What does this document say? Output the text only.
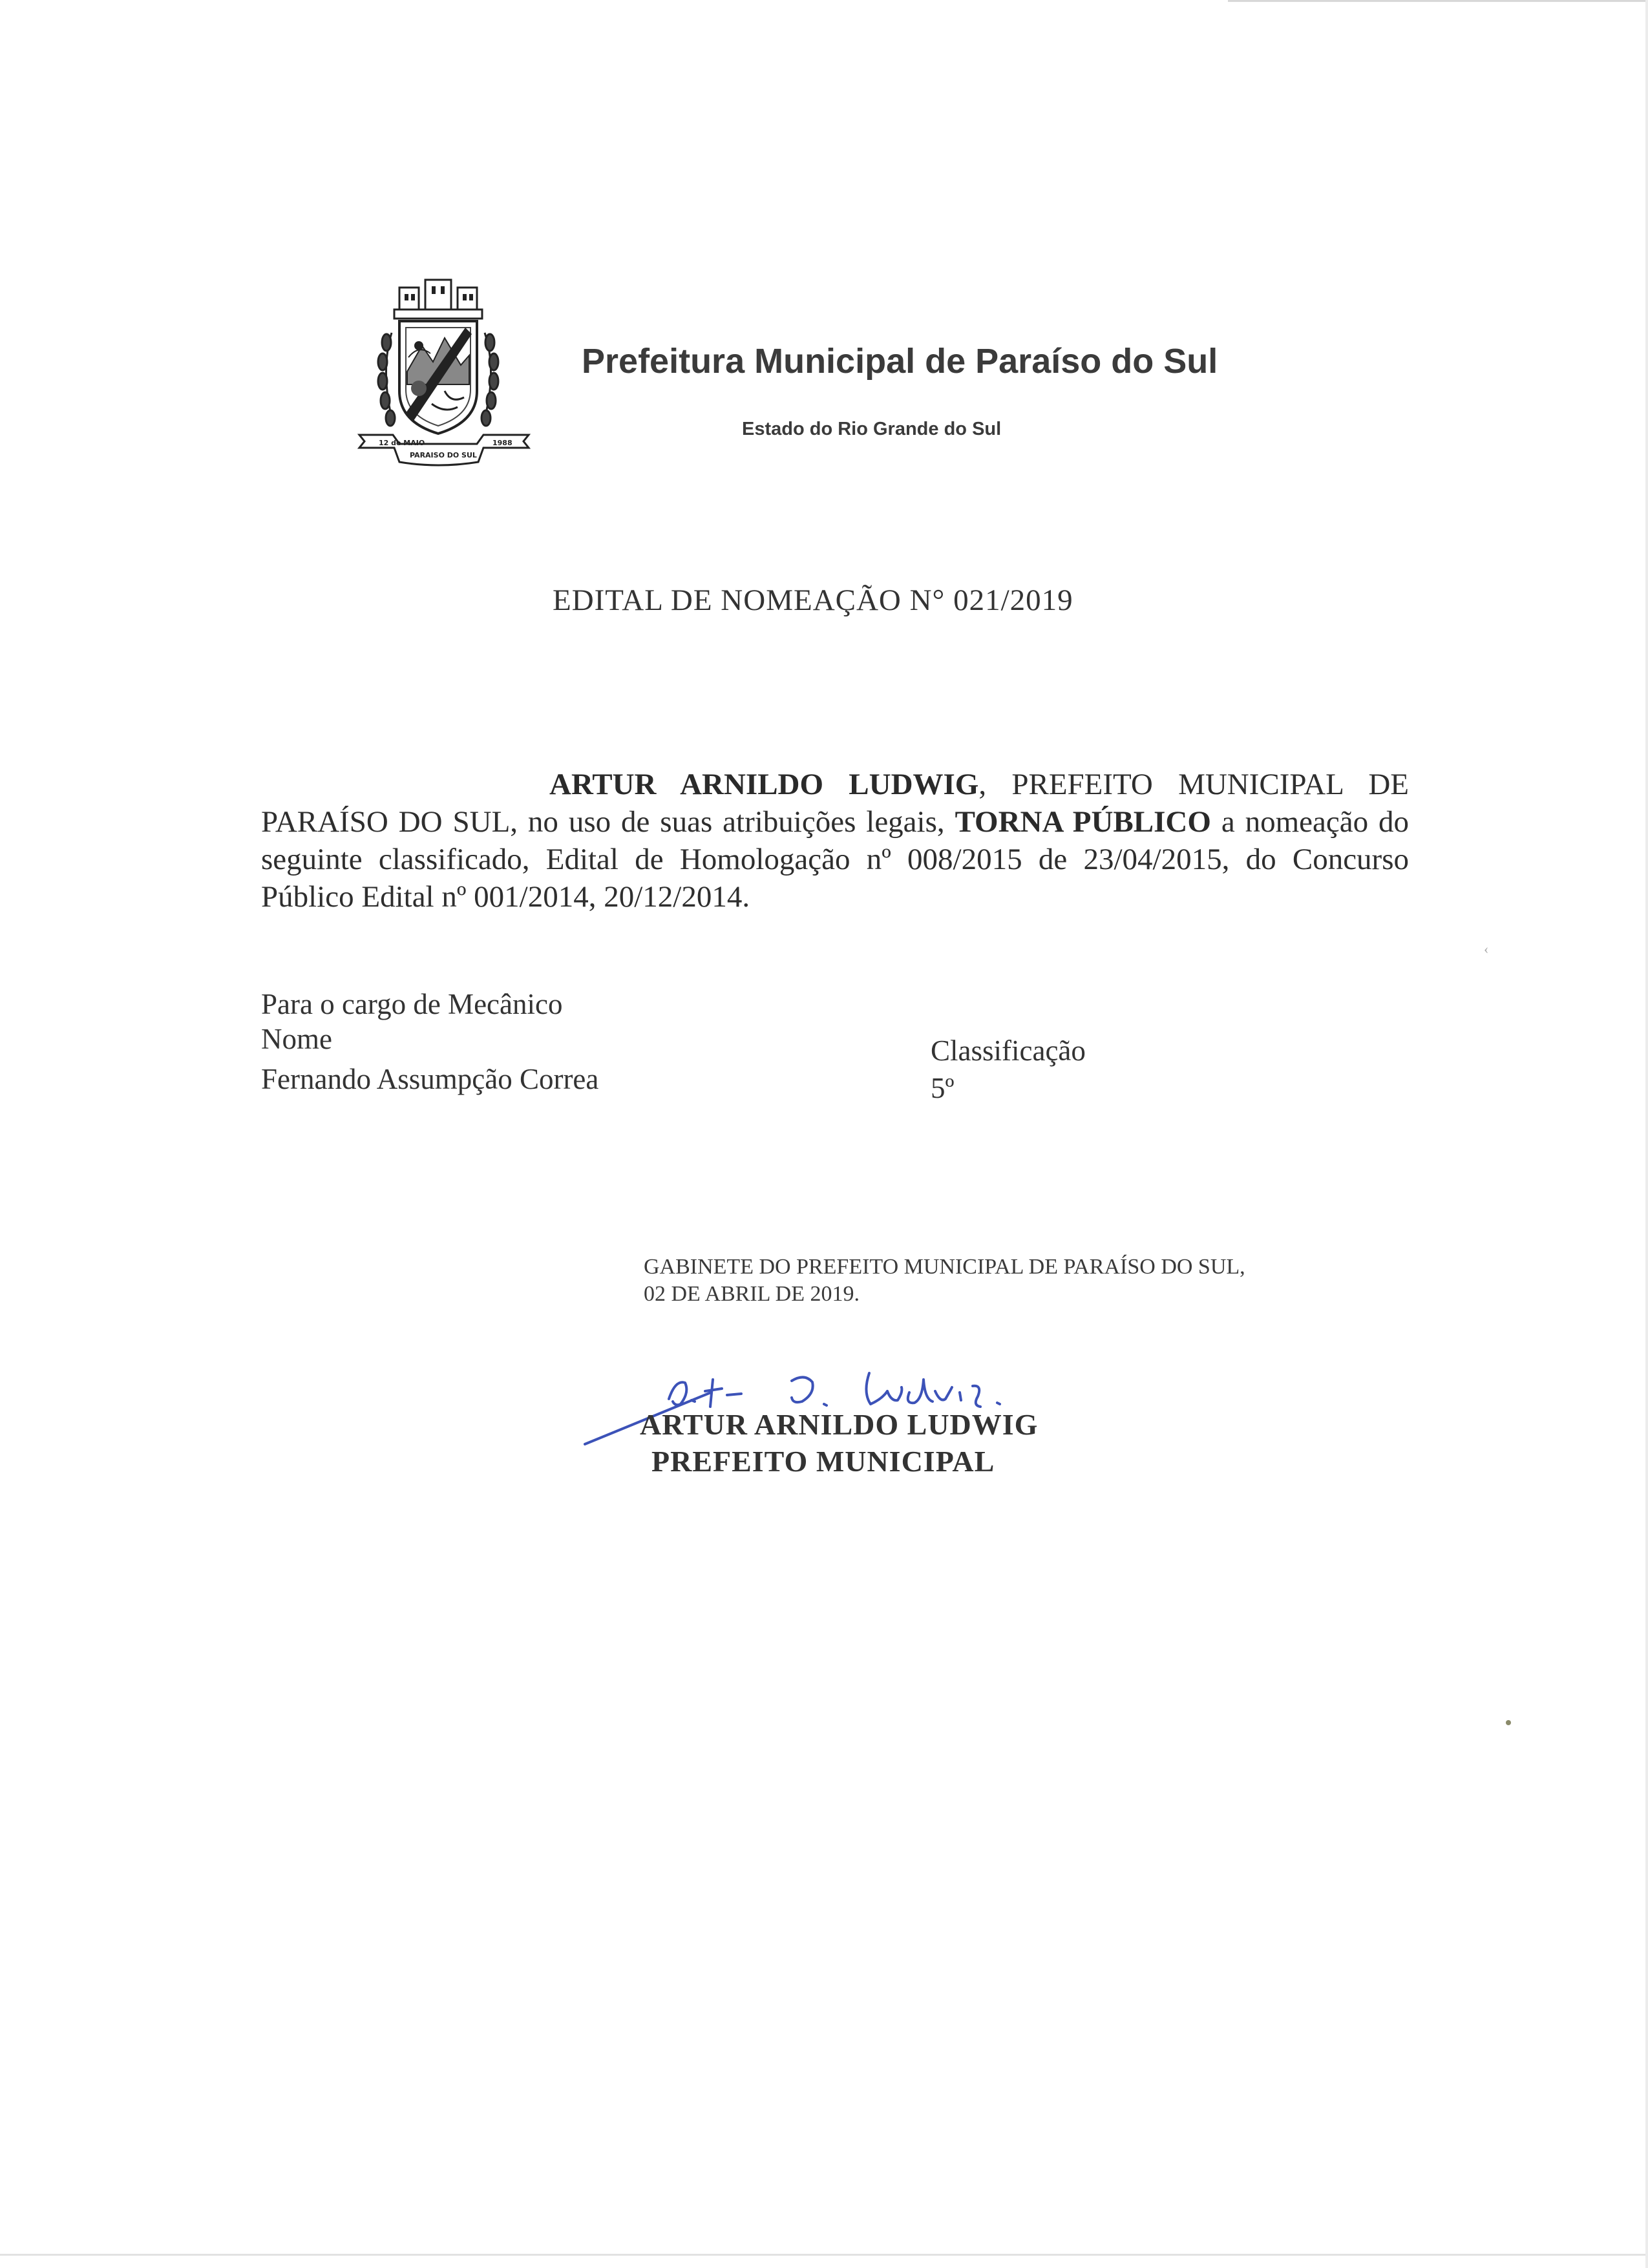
12 de MAIO
PARAISO DO SUL
1988
Prefeitura Municipal de Paraíso do Sul
Estado do Rio Grande do Sul
EDITAL DE NOMEAÇÃO N° 021/2019

ARTUR ARNILDO LUDWIG, PREFEITO MUNICIPAL DE PARAÍSO DO SUL, no uso de suas atribuições legais, TORNA PÚBLICO a nomeação do seguinte classificado, Edital de Homologação nº 008/2015 de 23/04/2015, do Concurso Público Edital nº 001/2014, 20/12/2014.

Para o cargo de Mecânico
Nome
Fernando Assumpção Correa
Classificação
5º
GABINETE DO PREFEITO MUNICIPAL DE PARAÍSO DO SUL,
02 DE ABRIL DE 2019.
ARTUR ARNILDO LUDWIG
PREFEITO MUNICIPAL
‹
